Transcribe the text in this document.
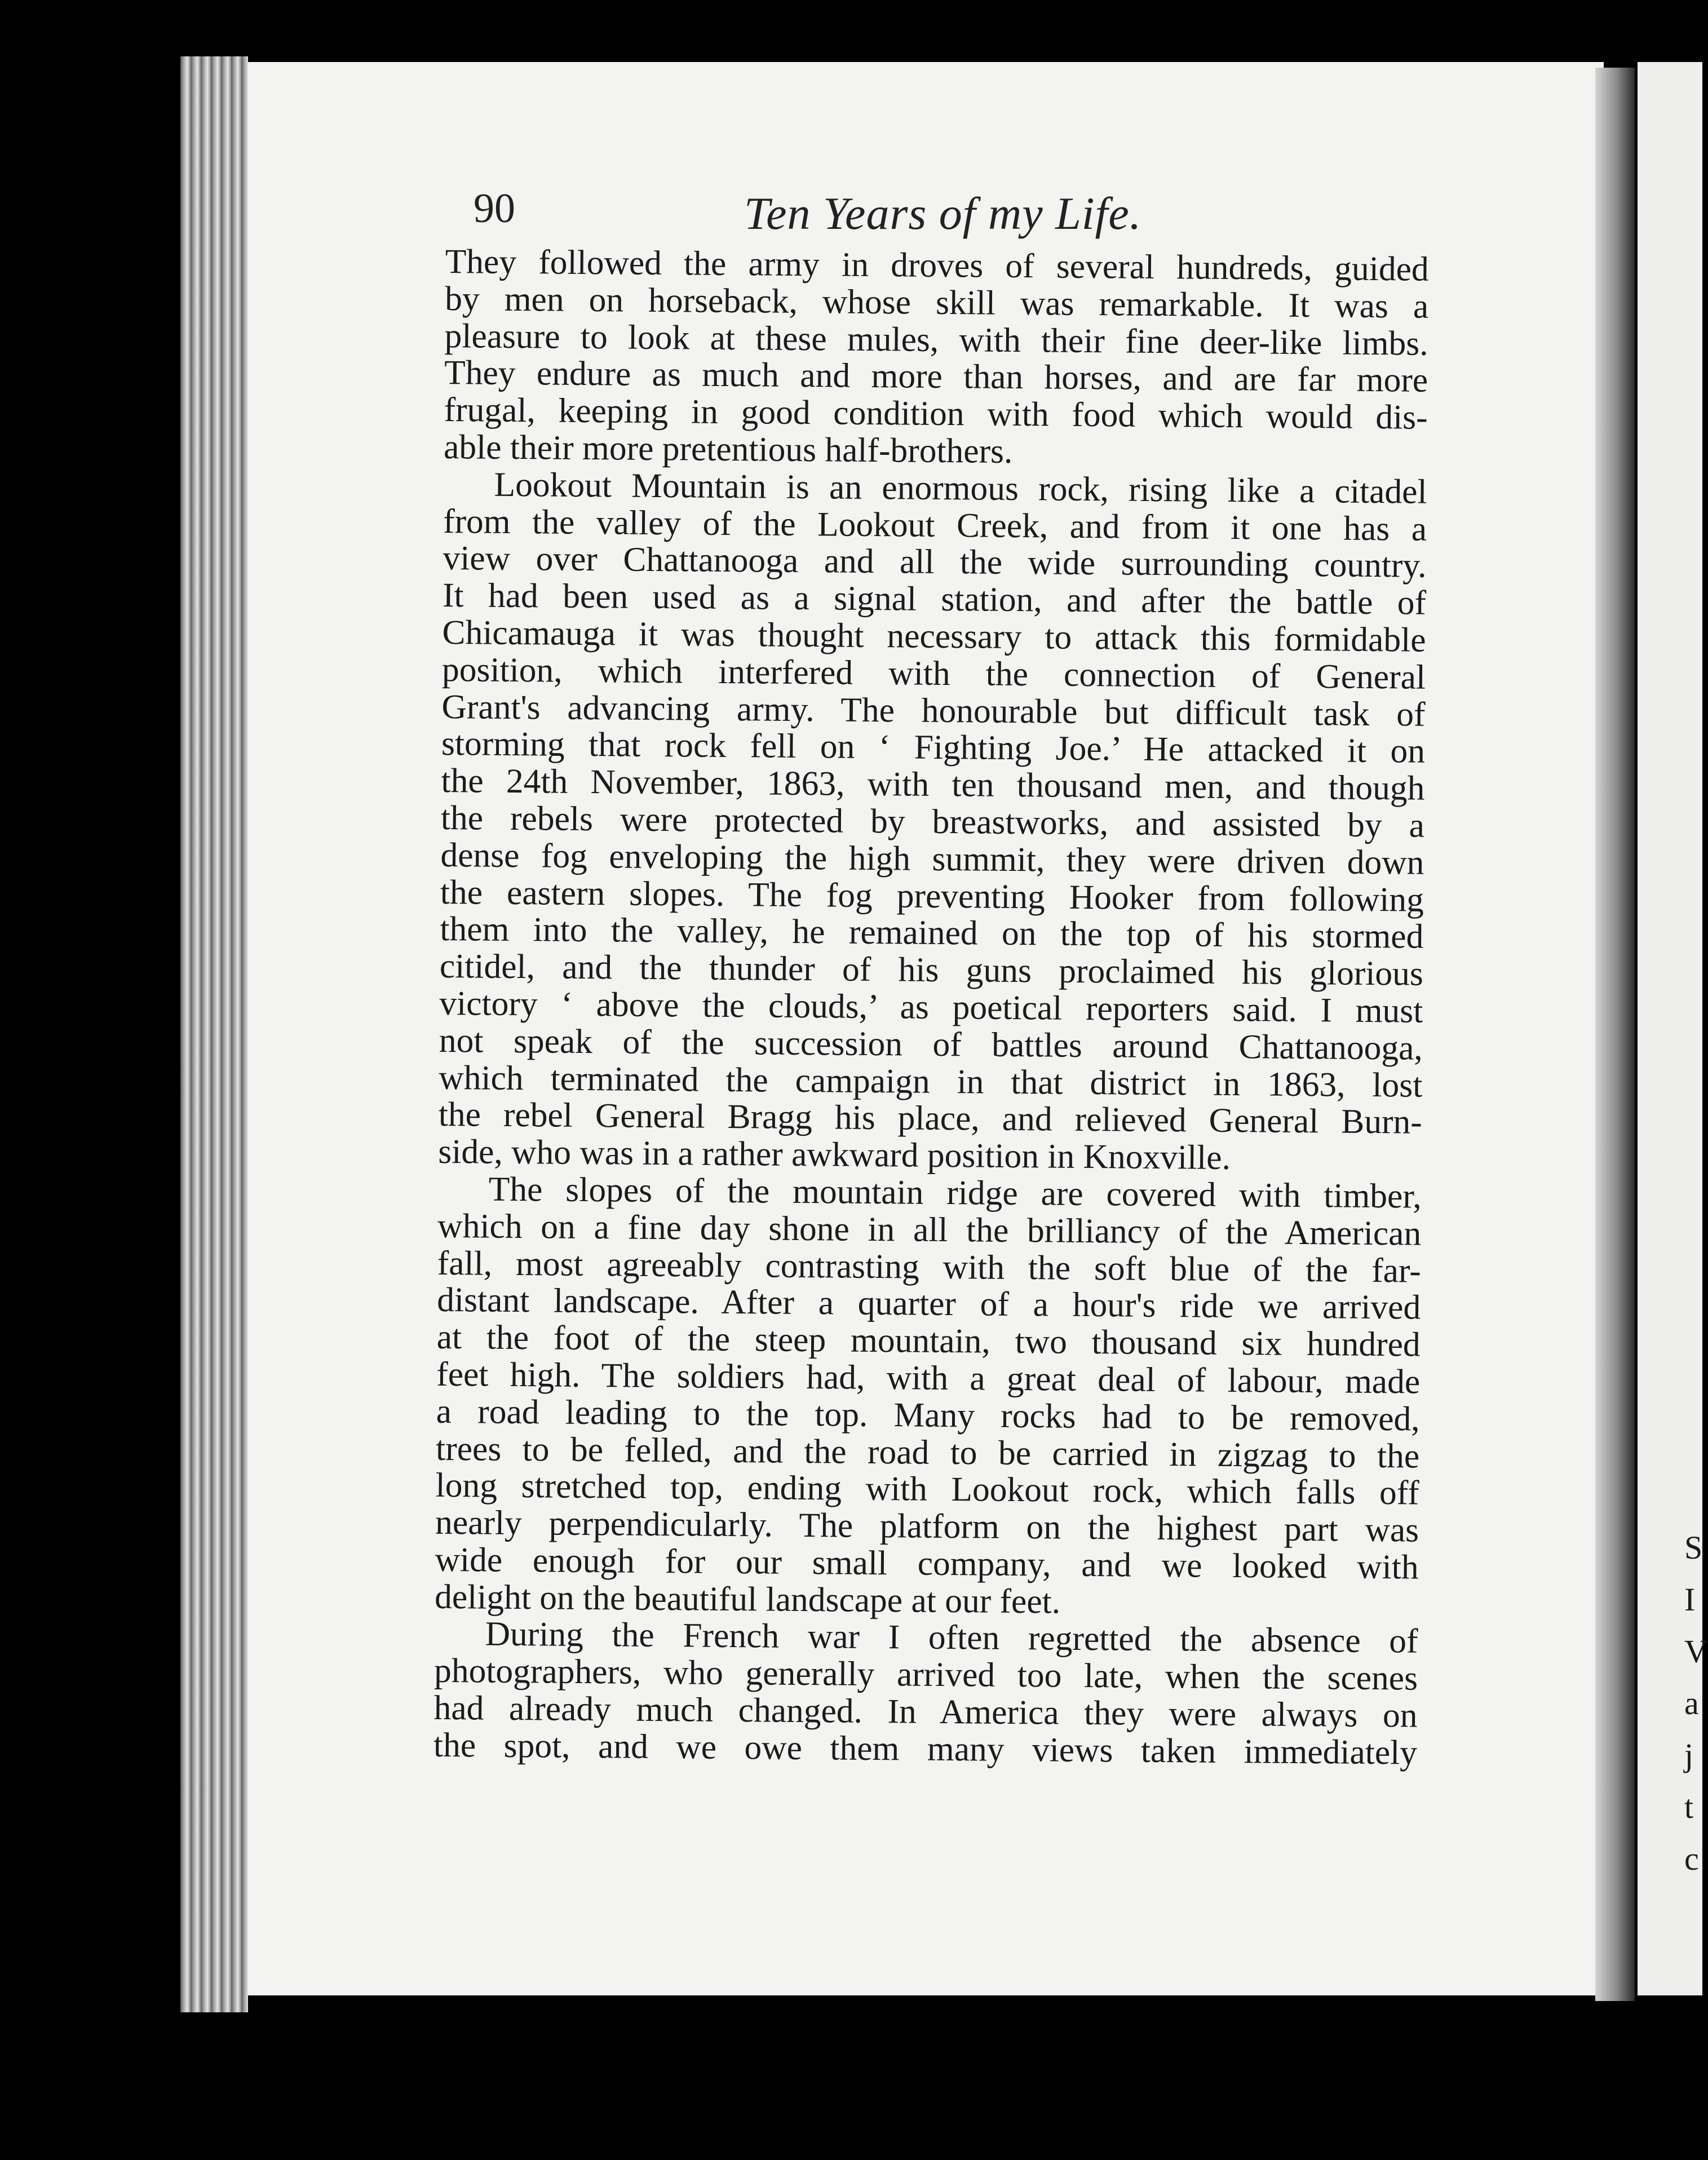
S
I
V
a
j
t
c
90	Ten Years of my Life.
They followed the army in droves of several hundreds, guided
by men on horseback, whose skill was remarkable. It was a
pleasure to look at these mules, with their fine deer-like limbs.
They endure as much and more than horses, and are far more
frugal, keeping in good condition with food which would dis-
able their more pretentious half-brothers.
Lookout Mountain is an enormous rock, rising like a citadel
from the valley of the Lookout Creek, and from it one has a
view over Chattanooga and all the wide surrounding country.
It had been used as a signal station, and after the battle of
Chicamauga it was thought necessary to attack this formidable
position, which interfered with the connection of General
Grant's advancing army. The honourable but difficult task of
storming that rock fell on ‘ Fighting Joe.’ He attacked it on
the 24th November, 1863, with ten thousand men, and though
the rebels were protected by breastworks, and assisted by a
dense fog enveloping the high summit, they were driven down
the eastern slopes. The fog preventing Hooker from following
them into the valley, he remained on the top of his stormed
citidel, and the thunder of his guns proclaimed his glorious
victory ‘ above the clouds,’ as poetical reporters said. I must
not speak of the succession of battles around Chattanooga,
which terminated the campaign in that district in 1863, lost
the rebel General Bragg his place, and relieved General Burn-
side, who was in a rather awkward position in Knoxville.
The slopes of the mountain ridge are covered with timber,
which on a fine day shone in all the brilliancy of the American
fall, most agreeably contrasting with the soft blue of the far-
distant landscape. After a quarter of a hour's ride we arrived
at the foot of the steep mountain, two thousand six hundred
feet high. The soldiers had, with a great deal of labour, made
a road leading to the top. Many rocks had to be removed,
trees to be felled, and the road to be carried in zigzag to the
long stretched top, ending with Lookout rock, which falls off
nearly perpendicularly. The platform on the highest part was
wide enough for our small company, and we looked with
delight on the beautiful landscape at our feet.
During the French war I often regretted the absence of
photographers, who generally arrived too late, when the scenes
had already much changed. In America they were always on
the spot, and we owe them many views taken immediately
